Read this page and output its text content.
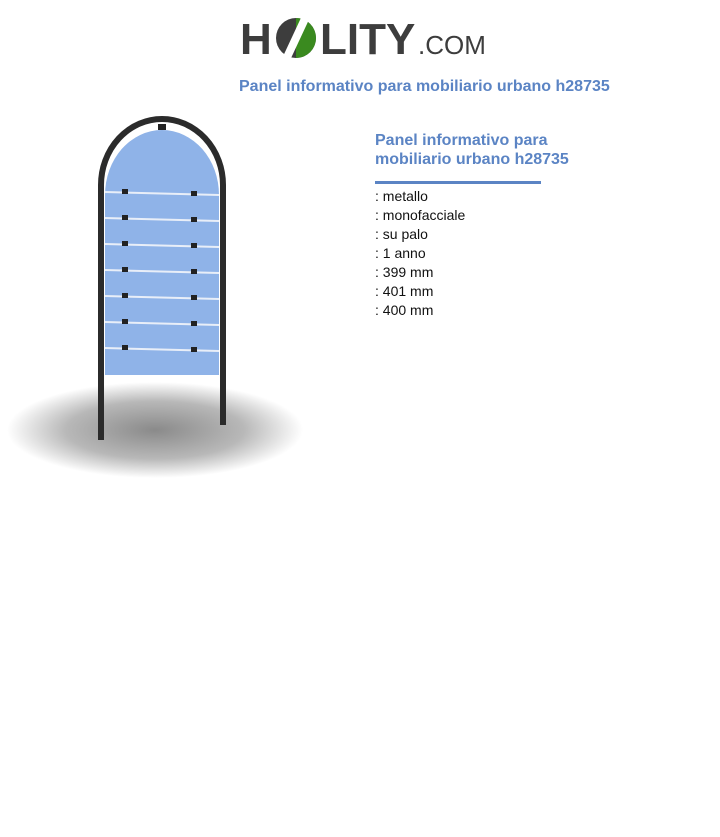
H LITY .COM
Panel informativo para mobiliario urbano h28735
Panel informativo para mobiliario urbano h28735
: metallo
: monofacciale
: su palo
: 1 anno
: 399 mm
: 401 mm
: 400 mm
